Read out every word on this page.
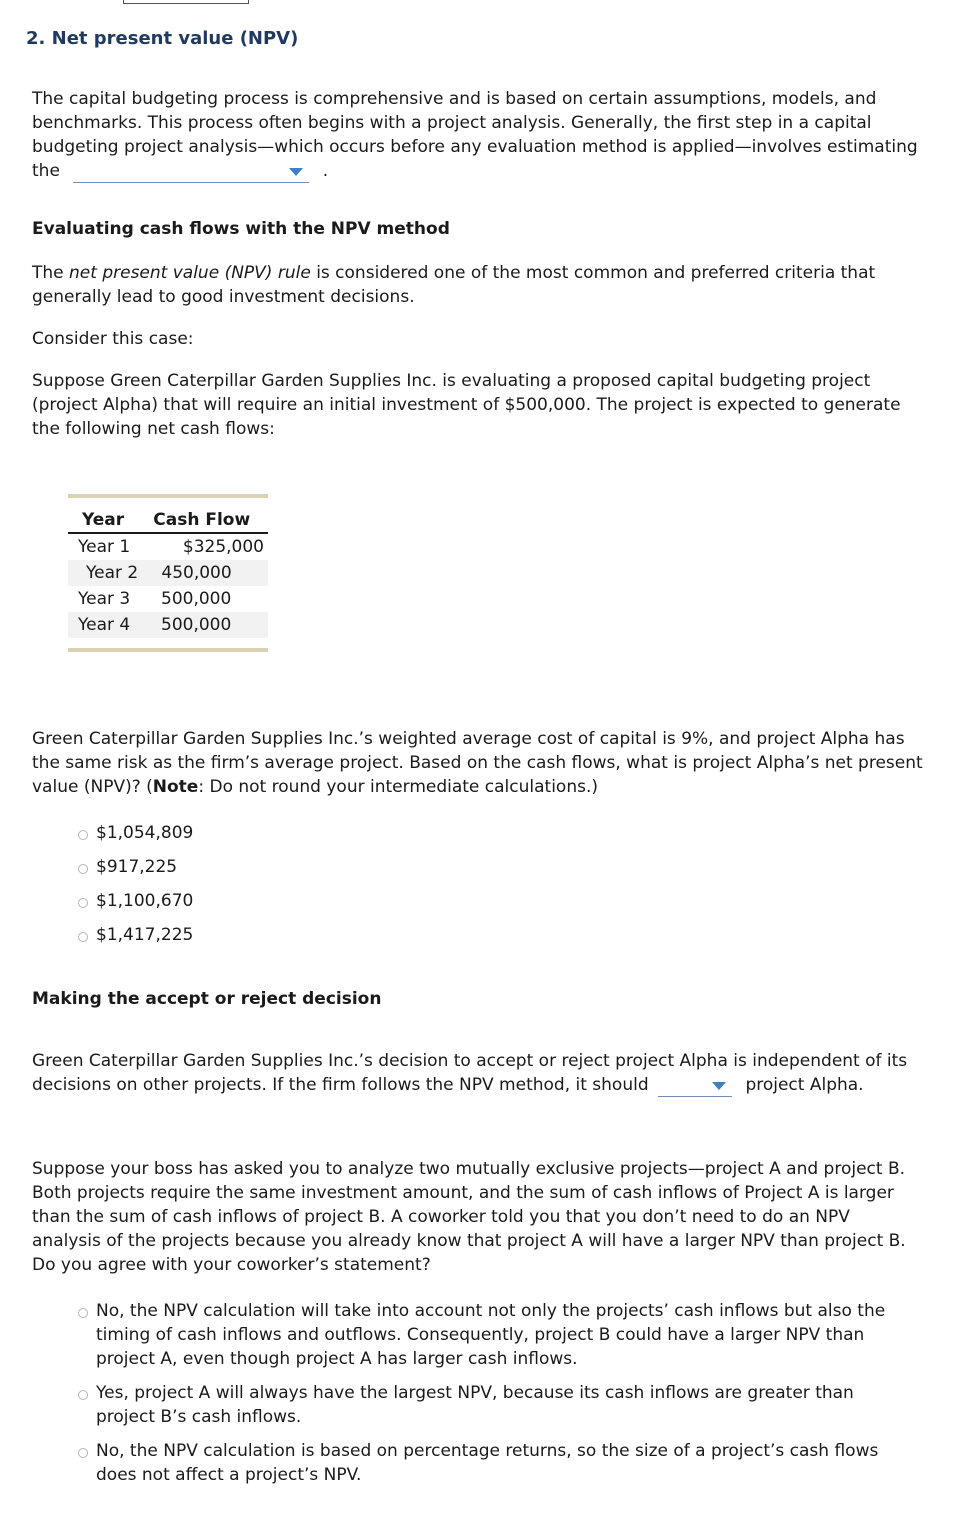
2. Net present value (NPV)
The capital budgeting process is comprehensive and is based on certain assumptions, models, and benchmarks. This process often begins with a project analysis. Generally, the first step in a capital budgeting project analysis—which occurs before any evaluation method is applied—involves estimating the	.
Evaluating cash flows with the NPV method
The net present value (NPV) rule is considered one of the most common and preferred criteria that generally lead to good investment decisions.
Consider this case:
Suppose Green Caterpillar Garden Supplies Inc. is evaluating a proposed capital budgeting project (project Alpha) that will require an initial investment of $500,000. The project is expected to generate the following net cash flows:
Year	Cash Flow
Year 1	$325,000
Year 2	450,000
Year 3	500,000
Year 4	500,000
Green Caterpillar Garden Supplies Inc.’s weighted average cost of capital is 9%, and project Alpha has the same risk as the firm’s average project. Based on the cash flows, what is project Alpha’s net present value (NPV)? (Note: Do not round your intermediate calculations.)
$1,054,809
$917,225
$1,100,670
$1,417,225
Making the accept or reject decision
Green Caterpillar Garden Supplies Inc.’s decision to accept or reject project Alpha is independent of its decisions on other projects. If the firm follows the NPV method, it should	project Alpha.
Suppose your boss has asked you to analyze two mutually exclusive projects—project A and project B. Both projects require the same investment amount, and the sum of cash inflows of Project A is larger than the sum of cash inflows of project B. A coworker told you that you don’t need to do an NPV analysis of the projects because you already know that project A will have a larger NPV than project B. Do you agree with your coworker’s statement?
No, the NPV calculation will take into account not only the projects’ cash inflows but also the timing of cash inflows and outflows. Consequently, project B could have a larger NPV than project A, even though project A has larger cash inflows.
Yes, project A will always have the largest NPV, because its cash inflows are greater than project B’s cash inflows.
No, the NPV calculation is based on percentage returns, so the size of a project’s cash flows does not affect a project’s NPV.
